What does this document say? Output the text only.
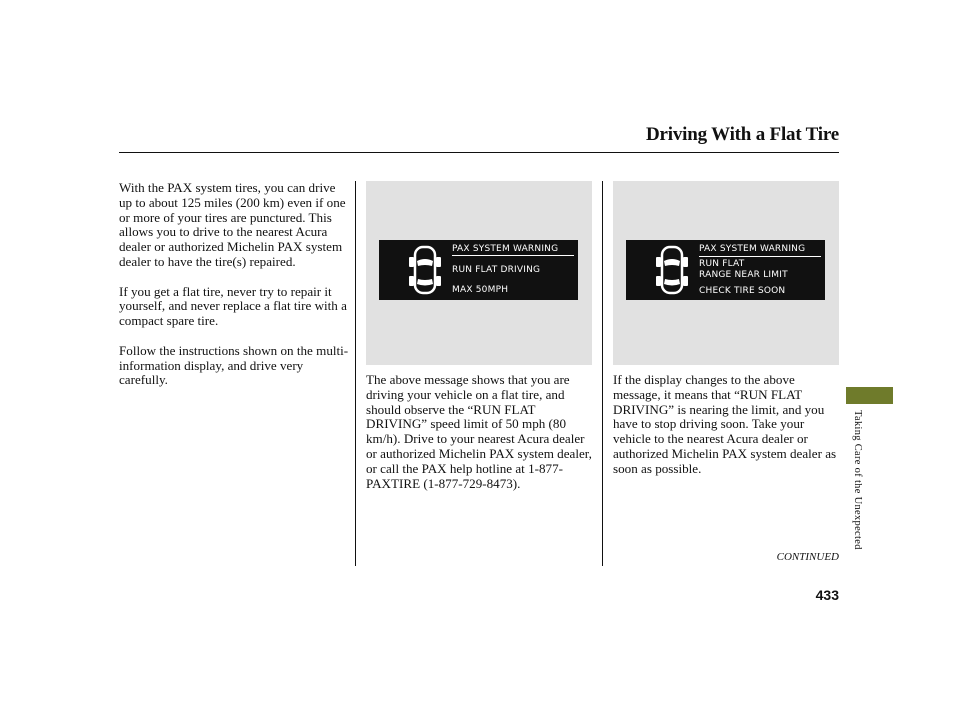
Driving With a Flat Tire

With the PAX system tires, you can drive up to about 125 miles (200 km) even if one or more of your tires are punctured. This allows you to drive to the nearest Acura dealer or authorized Michelin PAX system dealer to have the tire(s) repaired.

If you get a flat tire, never try to repair it yourself, and never replace a flat tire with a compact spare tire.

Follow the instructions shown on the multi-information display, and drive very carefully.

PAX SYSTEM WARNING
RUN FLAT DRIVING
MAX 50MPH
PAX SYSTEM WARNING
RUN FLAT
RANGE NEAR LIMIT
CHECK TIRE SOON

The above message shows that you are driving your vehicle on a flat tire, and should observe the “RUN FLAT DRIVING” speed limit of 50 mph (80 km/h). Drive to your nearest Acura dealer or authorized Michelin PAX system dealer, or call the PAX help hotline at 1-877-PAXTIRE (1-877-729-8473).

If the display changes to the above message, it means that “RUN FLAT DRIVING” is nearing the limit, and you have to stop driving soon. Take your vehicle to the nearest Acura dealer or authorized Michelin PAX system dealer as soon as possible.	Taking Care of the Unexpected
CONTINUED
433
